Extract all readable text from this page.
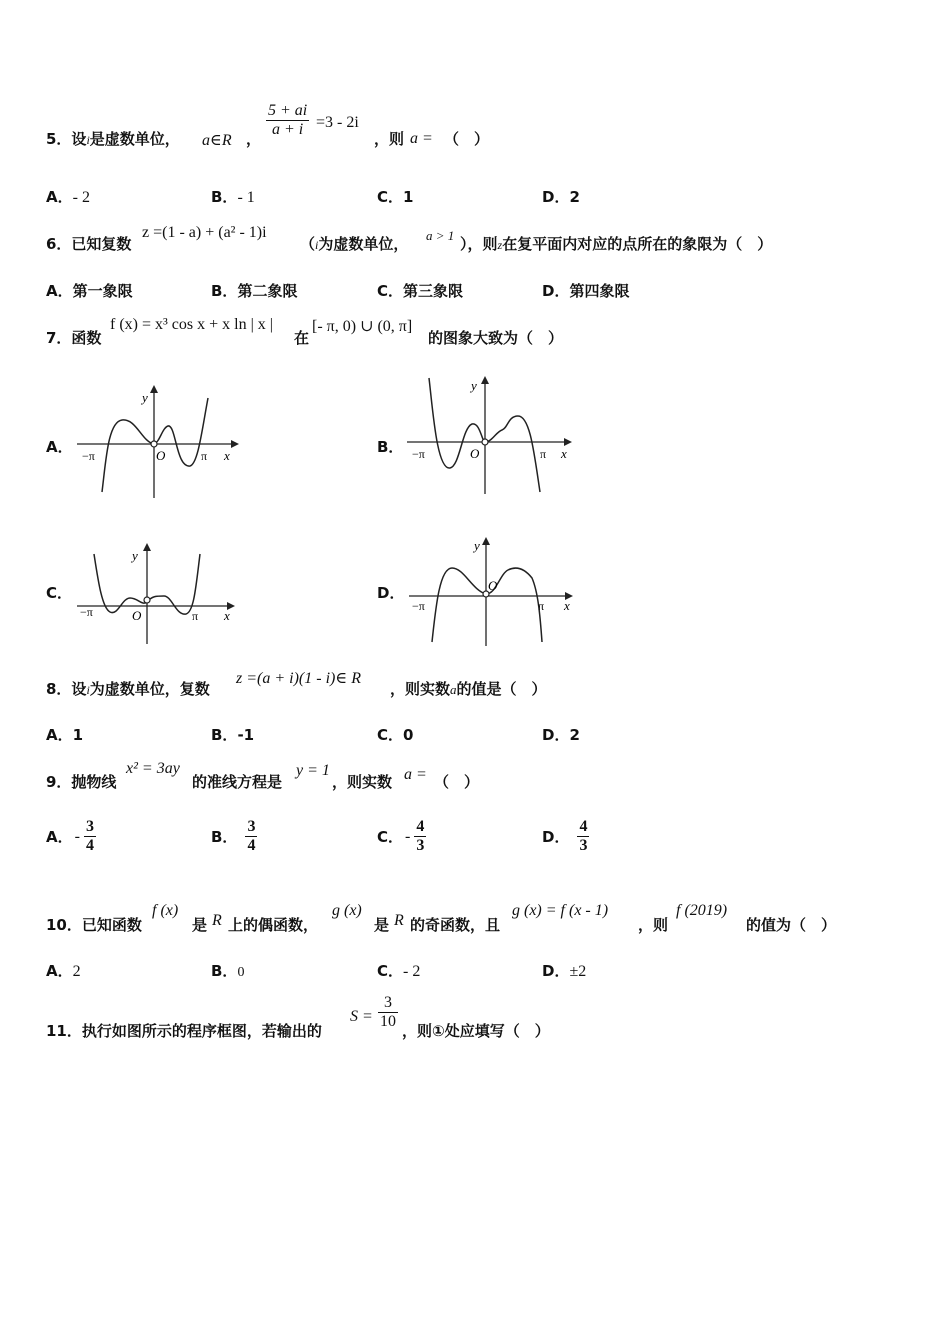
5．设i是虚数单位， a∈R ， $\frac{5 + ai}{a + i} =3 - 2i$
，则 a = （　）
A．- 2	B．- 1	C．1	D．2
6．已知复数
z =(1 - a) + (a² - 1)i
（i为虚数单位， a > 1 ），则z在复平面内对应的点所在的象限为（　）
A．第一象限	B．第二象限	C．第三象限	D．第四象限
7．函数
f (x) = x³ cos x + x ln | x |
在
[- π, 0) ∪ (0, π]
的图象大致为（　）
A．	B．
C．	D．
y
x
O
−π	π
y
x
O
−π	π
y
x
O
−π	π
y
x
O
−π	π
8．设i为虚数单位，复数
z =(a + i)(1 - i)∈ R
，则实数a的值是（　）
A．1	B．-1	C．0	D．2
9．抛物线
x² = 3ay
的准线方程是
y = 1
，则实数 a = （　）
A． - $\frac{3}{4}$	B． $\frac{3}{4}$	C． - $\frac{4}{3}$	D． $\frac{4}{3}$
10．已知函数
f (x)
是 R 上的偶函数，
g (x)
是 R 的奇函数，且
g (x) = f (x - 1)
，则
f (2019)
的值为（　）
A．2	B．0	C．- 2	D．±2
11．执行如图所示的程序框图，若输出的
$S = \frac{3}{10}$ ，则①处应填写（　）
